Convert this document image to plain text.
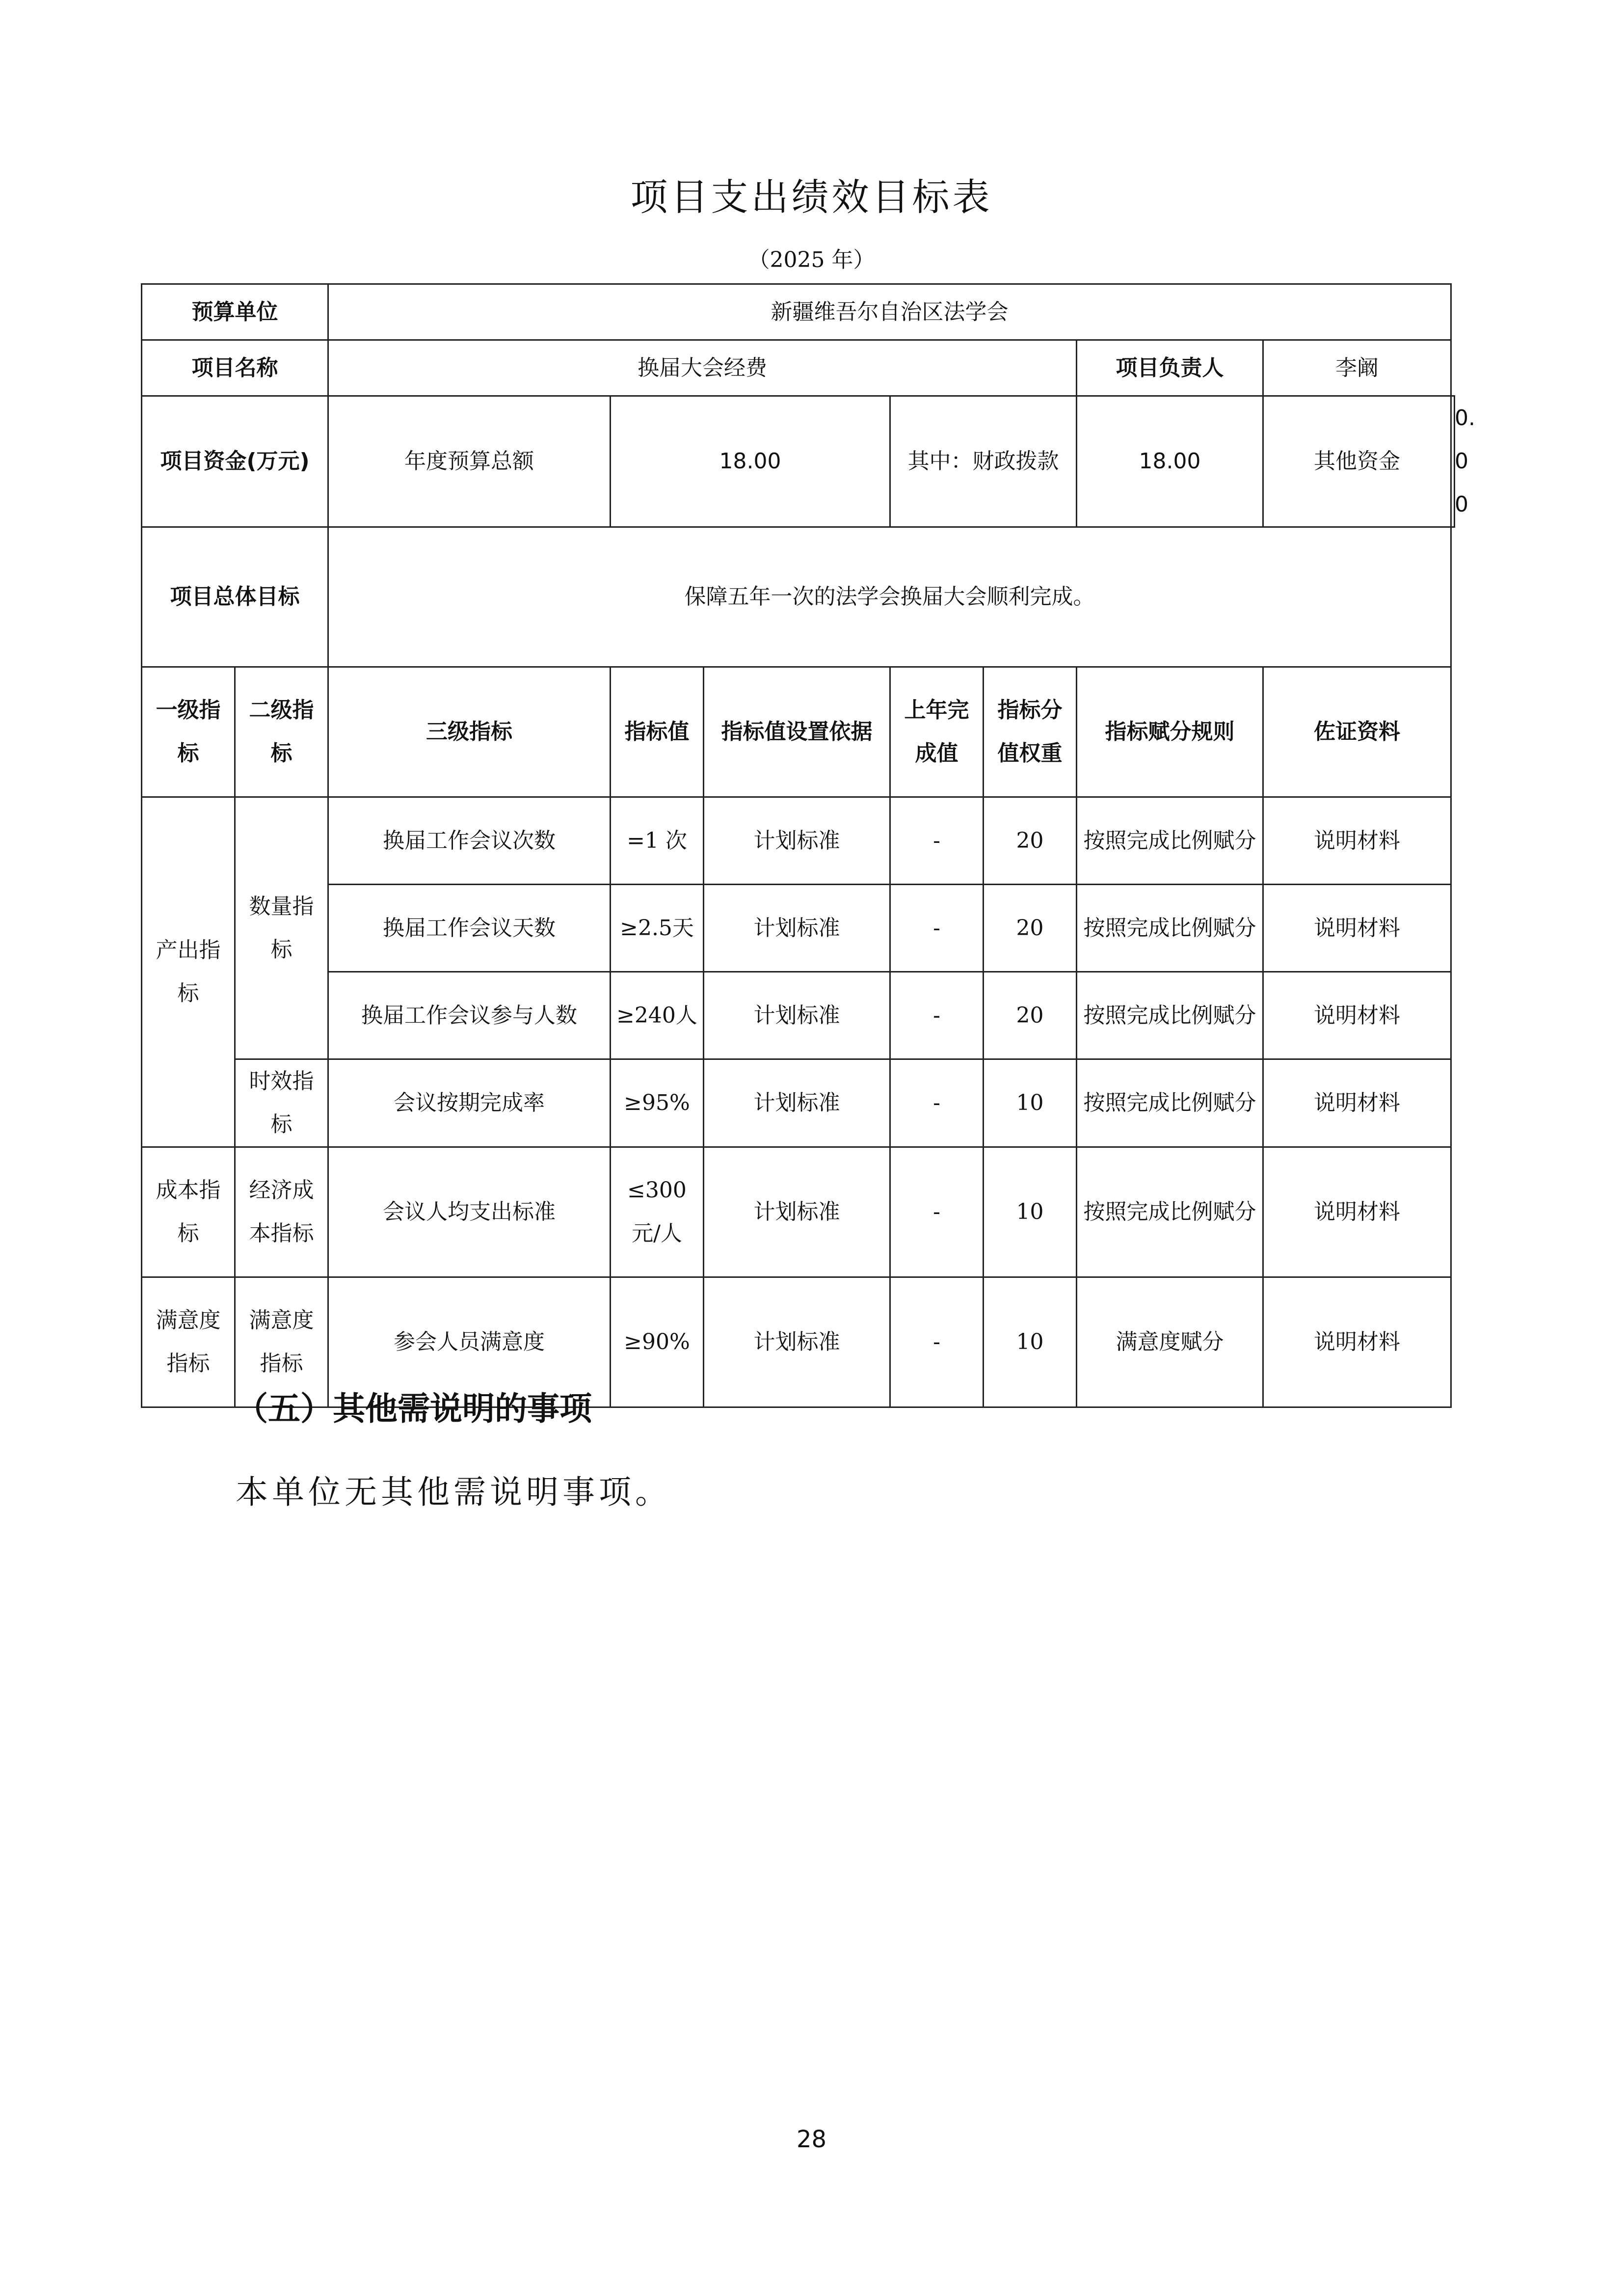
项目支出绩效目标表
（2025 年）
预算单位		新疆维吾尔自治区法学会							
项目名称		换届大会经费					项目负责人	李阚	
项目资金(万元)		年度预算总额	18.00		其中：财政拨款		18.00	其他资金	0.00
项目总体目标		保障五年一次的法学会换届大会顺利完成。							
一级指标	二级指标	三级指标	指标值	指标值设置依据	上年完成值	指标分值权重	指标赋分规则	佐证资料	
产出指标	数量指标	换届工作会议次数	=1 次	计划标准	-	20	按照完成比例赋分	说明材料	
		换届工作会议天数	≥2.5天	计划标准	-	20	按照完成比例赋分	说明材料	
		换届工作会议参与人数	≥240人	计划标准	-	20	按照完成比例赋分	说明材料	
	时效指标	会议按期完成率	≥95%	计划标准	-	10	按照完成比例赋分	说明材料	
成本指标	经济成本指标	会议人均支出标准	≤300元/人	计划标准	-	10	按照完成比例赋分	说明材料	
满意度指标	满意度指标	参会人员满意度	≥90%	计划标准	-	10	满意度赋分	说明材料	
（五）其他需说明的事项
本单位无其他需说明事项。
28
